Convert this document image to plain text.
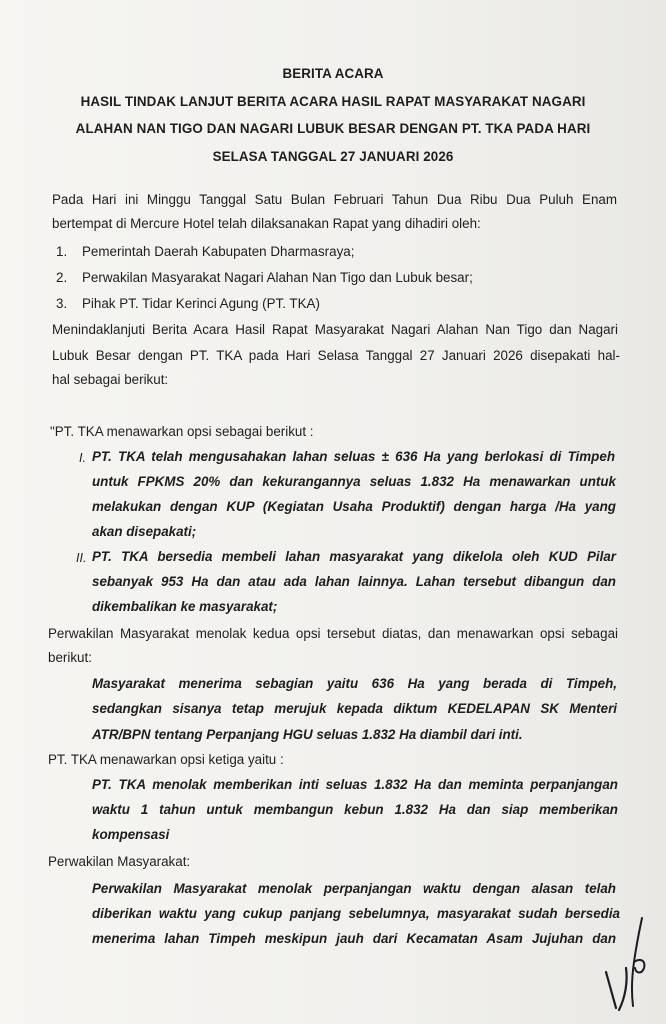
BERITA ACARA
HASIL TINDAK LANJUT BERITA ACARA HASIL RAPAT MASYARAKAT NAGARI
ALAHAN NAN TIGO DAN NAGARI LUBUK BESAR DENGAN PT. TKA PADA HARI
SELASA TANGGAL 27 JANUARI 2026
Pada Hari ini Minggu Tanggal Satu Bulan Februari Tahun Dua Ribu Dua Puluh Enam
bertempat di Mercure Hotel telah dilaksanakan Rapat yang dihadiri oleh:
1. Pemerintah Daerah Kabupaten Dharmasraya;
2. Perwakilan Masyarakat Nagari Alahan Nan Tigo dan Lubuk besar;
3. Pihak PT. Tidar Kerinci Agung (PT. TKA)
Menindaklanjuti Berita Acara Hasil Rapat Masyarakat Nagari Alahan Nan Tigo dan Nagari
Lubuk Besar dengan PT. TKA pada Hari Selasa Tanggal 27 Januari 2026 disepakati hal-
hal sebagai berikut:
"PT. TKA menawarkan opsi sebagai berikut :
I. PT. TKA telah mengusahakan lahan seluas ± 636 Ha yang berlokasi di Timpeh
untuk FPKMS 20% dan kekurangannya seluas 1.832 Ha menawarkan untuk
melakukan dengan KUP (Kegiatan Usaha Produktif) dengan harga /Ha yang
akan disepakati;
II. PT. TKA bersedia membeli lahan masyarakat yang dikelola oleh KUD Pilar
sebanyak 953 Ha dan atau ada lahan lainnya. Lahan tersebut dibangun dan
dikembalikan ke masyarakat;
Perwakilan Masyarakat menolak kedua opsi tersebut diatas, dan menawarkan opsi sebagai
berikut:
Masyarakat menerima sebagian yaitu 636 Ha yang berada di Timpeh,
sedangkan sisanya tetap merujuk kepada diktum KEDELAPAN SK Menteri
ATR/BPN tentang Perpanjang HGU seluas 1.832 Ha diambil dari inti.
PT. TKA menawarkan opsi ketiga yaitu :
PT. TKA menolak memberikan inti seluas 1.832 Ha dan meminta perpanjangan
waktu 1 tahun untuk membangun kebun 1.832 Ha dan siap memberikan
kompensasi
Perwakilan Masyarakat:
Perwakilan Masyarakat menolak perpanjangan waktu dengan alasan telah
diberikan waktu yang cukup panjang sebelumnya, masyarakat sudah bersedia
menerima lahan Timpeh meskipun jauh dari Kecamatan Asam Jujuhan dan
